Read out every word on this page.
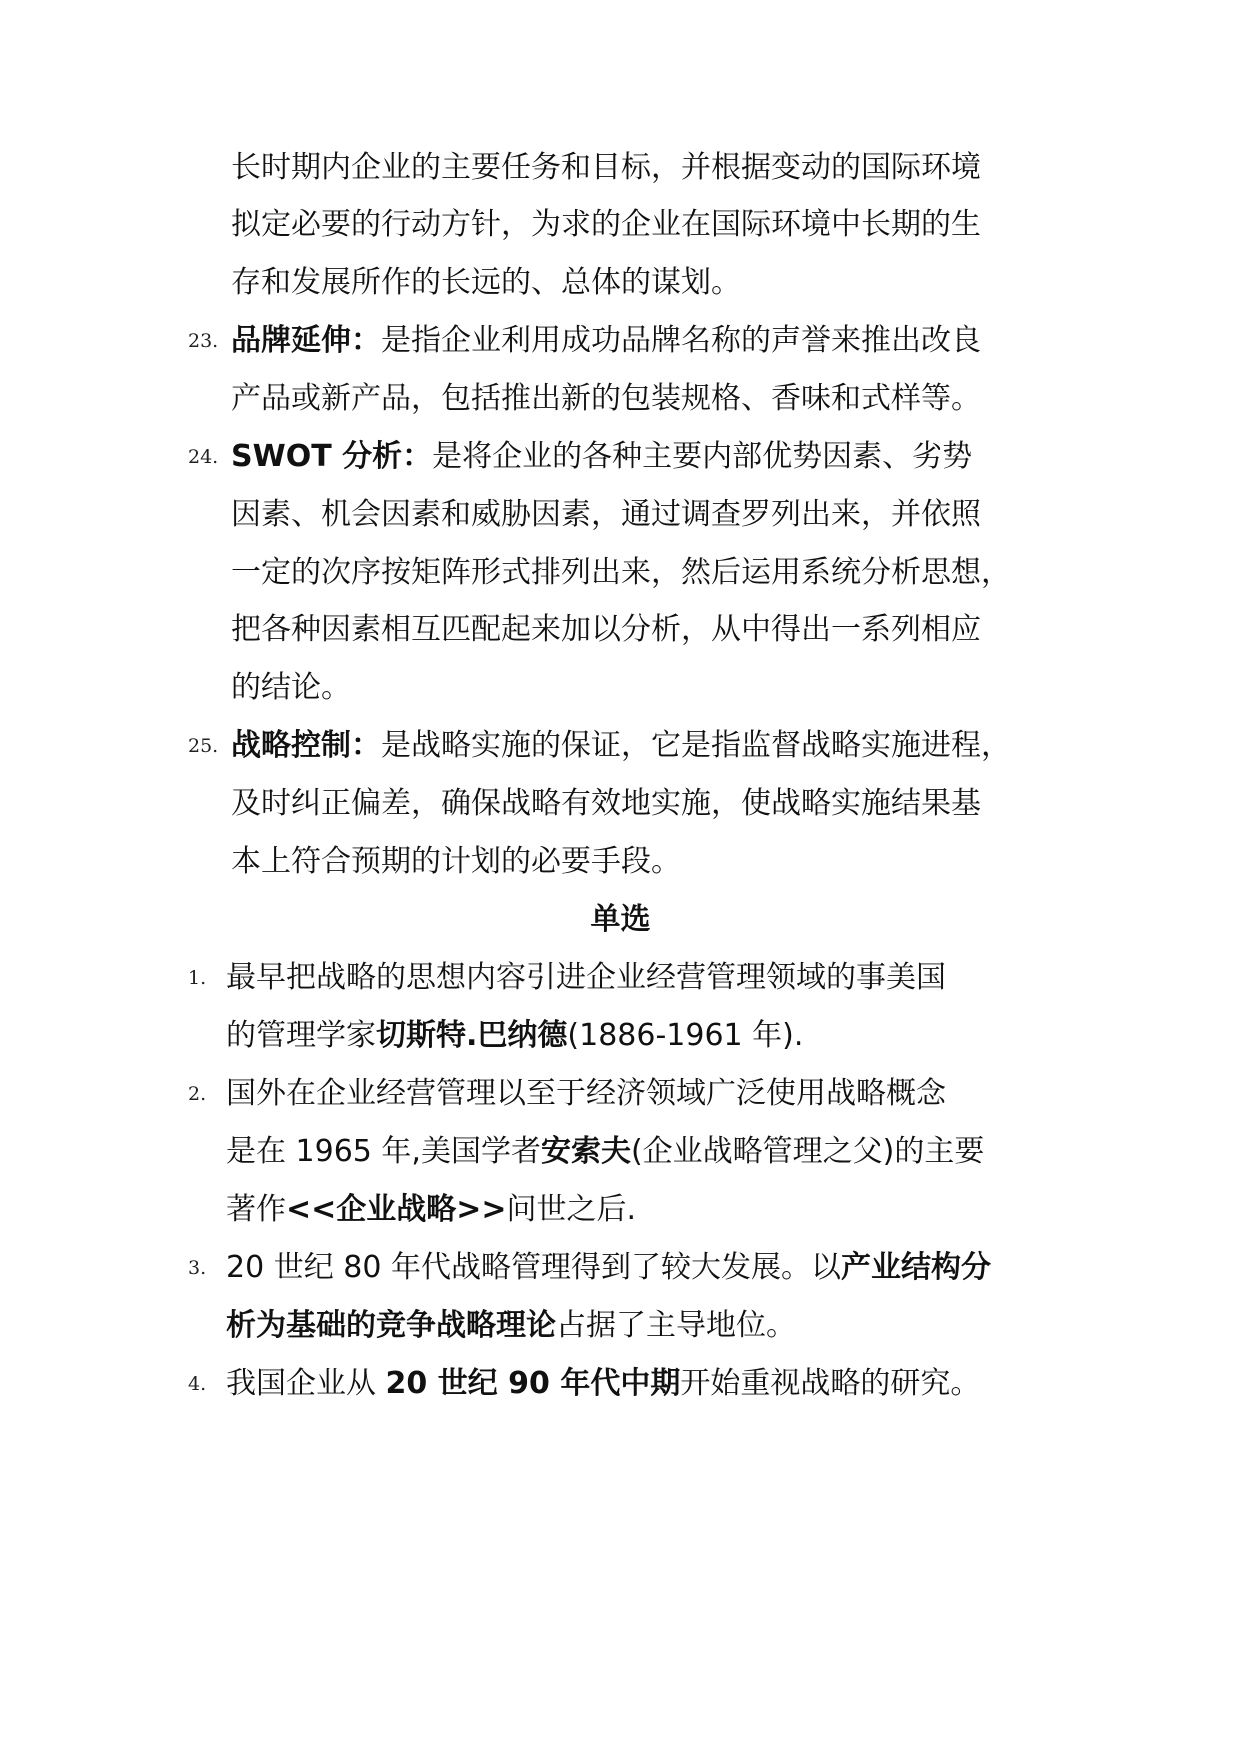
长时期内企业的主要任务和目标，并根据变动的国际环境
拟定必要的行动方针，为求的企业在国际环境中长期的生
存和发展所作的长远的、总体的谋划。
23. 品牌延伸：是指企业利用成功品牌名称的声誉来推出改良
产品或新产品，包括推出新的包装规格、香味和式样等。
24. SWOT 分析：是将企业的各种主要内部优势因素、劣势
因素、机会因素和威胁因素，通过调查罗列出来，并依照
一定的次序按矩阵形式排列出来，然后运用系统分析思想，
把各种因素相互匹配起来加以分析，从中得出一系列相应
的结论。
25. 战略控制：是战略实施的保证，它是指监督战略实施进程，
及时纠正偏差，确保战略有效地实施，使战略实施结果基
本上符合预期的计划的必要手段。
单选
1. 最早把战略的思想内容引进企业经营管理领域的事美国
的管理学家切斯特.巴纳德(1886-1961 年).
2. 国外在企业经营管理以至于经济领域广泛使用战略概念
是在 1965 年,美国学者安索夫(企业战略管理之父)的主要
著作<<企业战略>>问世之后.
3. 20 世纪 80 年代战略管理得到了较大发展。以产业结构分
析为基础的竞争战略理论占据了主导地位。
4. 我国企业从 20 世纪 90 年代中期开始重视战略的研究。
